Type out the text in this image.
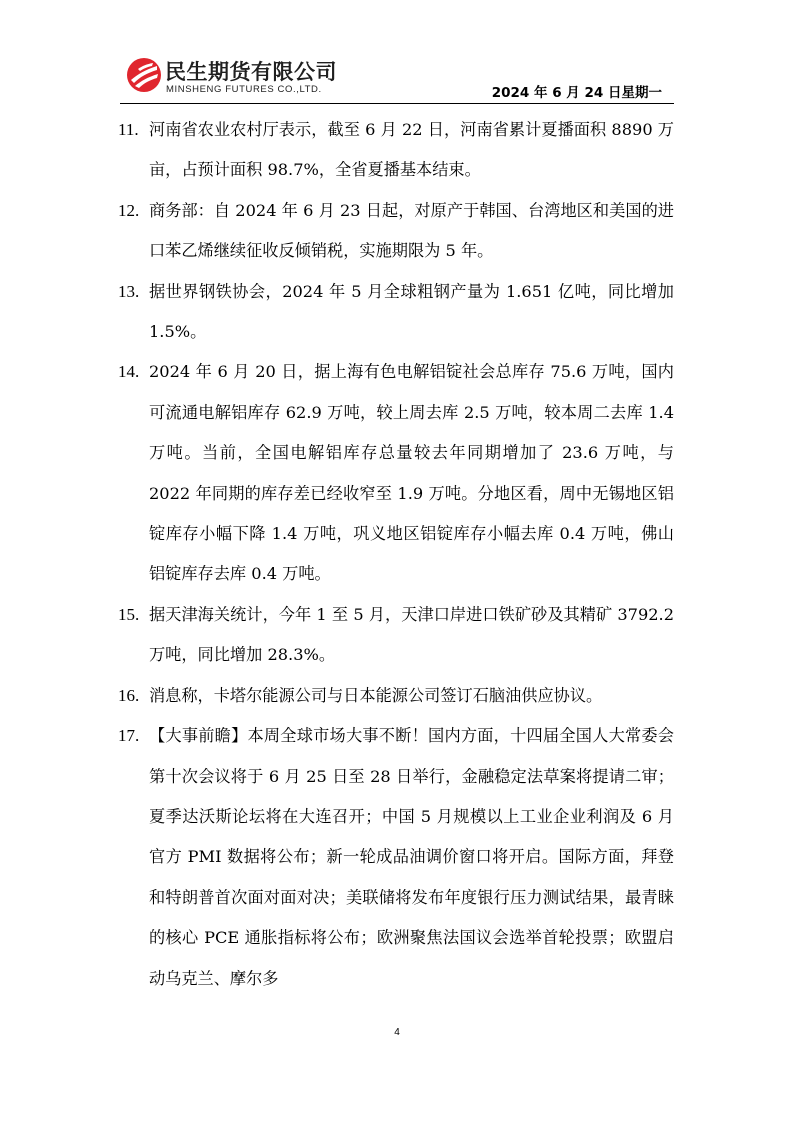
民生期货有限公司
MINSHENG FUTURES CO.,LTD.	2024 年 6 月 24 日星期一
11. 河南省农业农村厅表示，截至 6 月 22 日，河南省累计夏播面积 8890 万亩，占预计面积 98.7%，全省夏播基本结束。
12. 商务部：自 2024 年 6 月 23 日起，对原产于韩国、台湾地区和美国的进口苯乙烯继续征收反倾销税，实施期限为 5 年。
13. 据世界钢铁协会，2024 年 5 月全球粗钢产量为 1.651 亿吨，同比增加 1.5%。
14. 2024 年 6 月 20 日，据上海有色电解铝锭社会总库存 75.6 万吨，国内可流通电解铝库存 62.9 万吨，较上周去库 2.5 万吨，较本周二去库 1.4 万吨。当前，全国电解铝库存总量较去年同期增加了 23.6 万吨，与 2022 年同期的库存差已经收窄至 1.9 万吨。分地区看，周中无锡地区铝锭库存小幅下降 1.4 万吨，巩义地区铝锭库存小幅去库 0.4 万吨，佛山铝锭库存去库 0.4 万吨。
15. 据天津海关统计，今年 1 至 5 月，天津口岸进口铁矿砂及其精矿 3792.2 万吨，同比增加 28.3%。
16. 消息称，卡塔尔能源公司与日本能源公司签订石脑油供应协议。
17. 【大事前瞻】本周全球市场大事不断！国内方面，十四届全国人大常委会第十次会议将于 6 月 25 日至 28 日举行，金融稳定法草案将提请二审；夏季达沃斯论坛将在大连召开；中国 5 月规模以上工业企业利润及 6 月官方 PMI 数据将公布；新一轮成品油调价窗口将开启。国际方面，拜登和特朗普首次面对面对决；美联储将发布年度银行压力测试结果，最青睐的核心 PCE 通胀指标将公布；欧洲聚焦法国议会选举首轮投票；欧盟启动乌克兰、摩尔多
4
